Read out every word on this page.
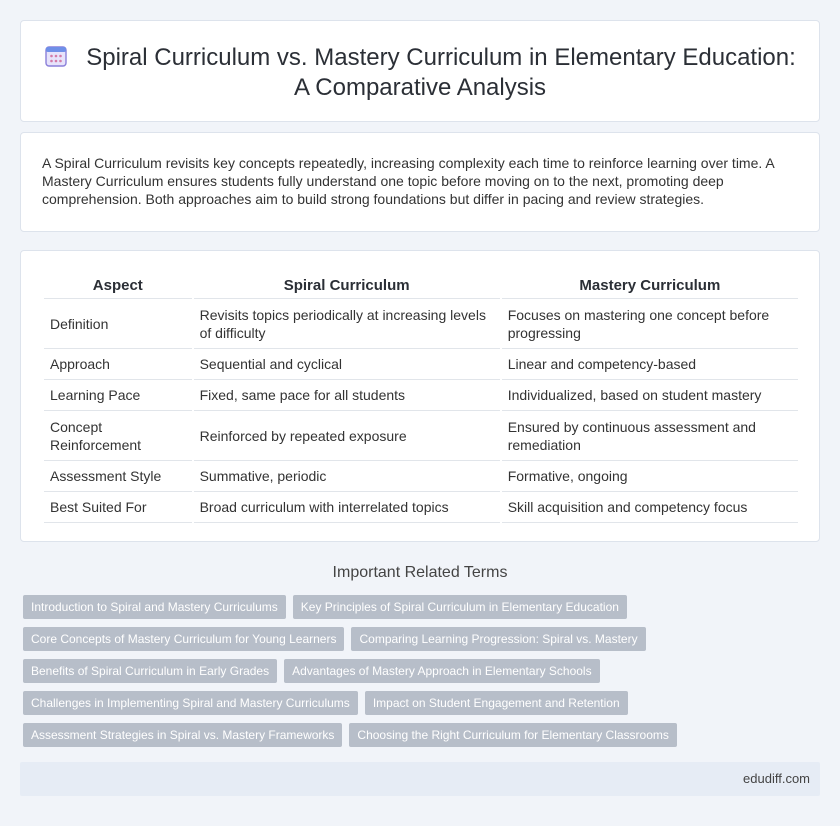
Spiral Curriculum vs. Mastery Curriculum in Elementary Education:
A Comparative Analysis

A Spiral Curriculum revisits key concepts repeatedly, increasing complexity each time to reinforce learning over time. A Mastery Curriculum ensures students fully understand one topic before moving on to the next, promoting deep comprehension. Both approaches aim to build strong foundations but differ in pacing and review strategies.

Aspect	Spiral Curriculum	Mastery Curriculum
Definition	Revisits topics periodically at increasing levels of difficulty	Focuses on mastering one concept before progressing
Approach	Sequential and cyclical	Linear and competency-based
Learning Pace	Fixed, same pace for all students	Individualized, based on student mastery
Concept Reinforcement	Reinforced by repeated exposure	Ensured by continuous assessment and remediation
Assessment Style	Summative, periodic	Formative, ongoing
Best Suited For	Broad curriculum with interrelated topics	Skill acquisition and competency focus
Important Related Terms
Introduction to Spiral and Mastery Curriculums	Key Principles of Spiral Curriculum in Elementary Education
Core Concepts of Mastery Curriculum for Young Learners	Comparing Learning Progression: Spiral vs. Mastery
Benefits of Spiral Curriculum in Early Grades	Advantages of Mastery Approach in Elementary Schools
Challenges in Implementing Spiral and Mastery Curriculums	Impact on Student Engagement and Retention
Assessment Strategies in Spiral vs. Mastery Frameworks	Choosing the Right Curriculum for Elementary Classrooms
edudiff.com
